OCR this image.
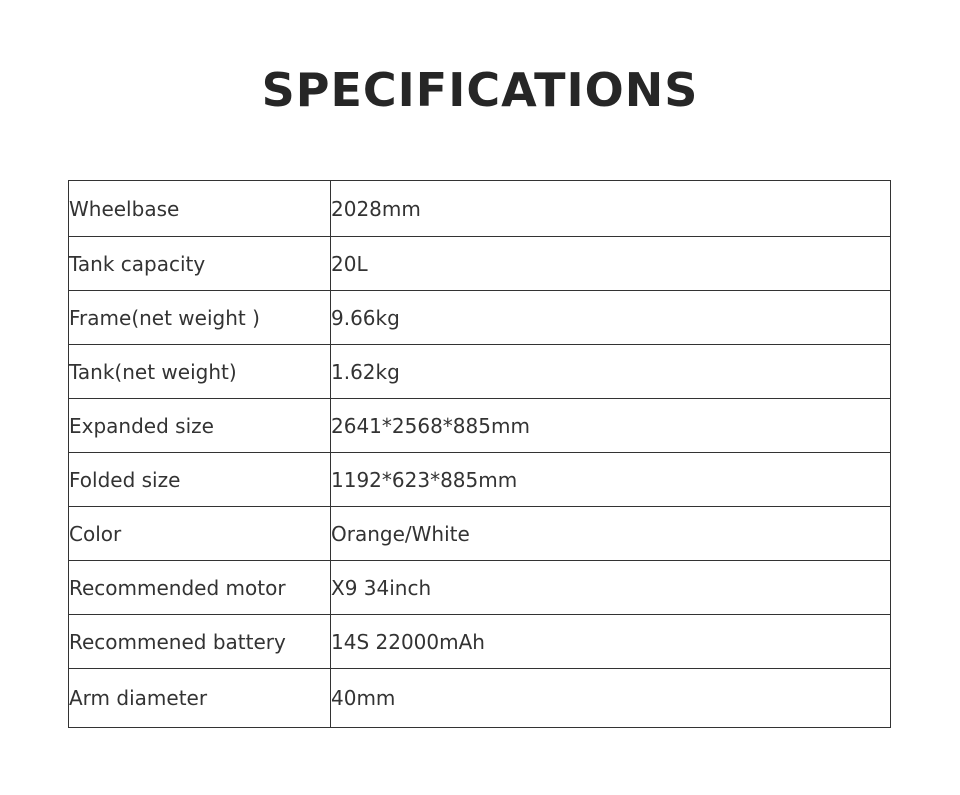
SPECIFICATIONS
Wheelbase	2028mm
Tank capacity	20L
Frame(net weight )	9.66kg
Tank(net weight)	1.62kg
Expanded size	2641*2568*885mm
Folded size	1192*623*885mm
Color	Orange/White
Recommended motor	X9 34inch
Recommened battery	14S 22000mAh
Arm diameter	40mm
